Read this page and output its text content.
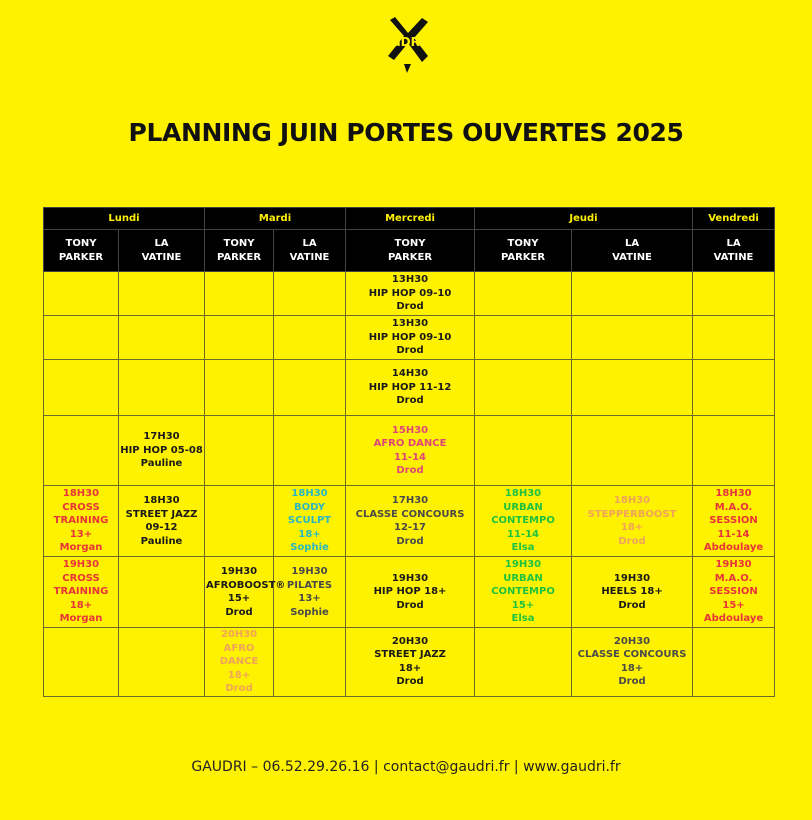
uDRi
PLANNING JUIN PORTES OUVERTES 2025
Lundi		Mardi		Mercredi	Jeudi		Vendredi

TONY
PARKER	LA
VATINE	TONY
PARKER	LA
VATINE	TONY
PARKER	TONY
PARKER	LA
VATINE	LA
VATINE

				13H30
HIP HOP 09-10
Drod			

				13H30
HIP HOP 09-10
Drod			

				14H30
HIP HOP 11-12
Drod			

	17H30
HIP HOP 05-08
Pauline			15H30
AFRO DANCE
11-14
Drod			

18H30
CROSS
TRAINING
13+
Morgan	18H30
STREET JAZZ
09-12
Pauline		18H30
BODY SCULPT
18+
Sophie	17H30
CLASSE CONCOURS 12-17
Drod	18H30
URBAN CONTEMPO
11-14
Elsa	18H30
STEPPERBOOST
18+
Drod	18H30
M.A.O. SESSION
11-14
Abdoulaye

19H30
CROSS
TRAINING
18+
Morgan		19H30
AFROBOOST®
15+
Drod	19H30
PILATES
13+
Sophie	19H30
HIP HOP 18+
Drod	19H30
URBAN CONTEMPO
15+
Elsa	19H30
HEELS 18+
Drod	19H30
M.A.O. SESSION
15+
Abdoulaye

		20H30
AFRO DANCE
18+
Drod		20H30
STREET JAZZ
18+
Drod		20H30
CLASSE CONCOURS 18+
Drod	

GAUDRI – 06.52.29.26.16 | contact@gaudri.fr | www.gaudri.fr
